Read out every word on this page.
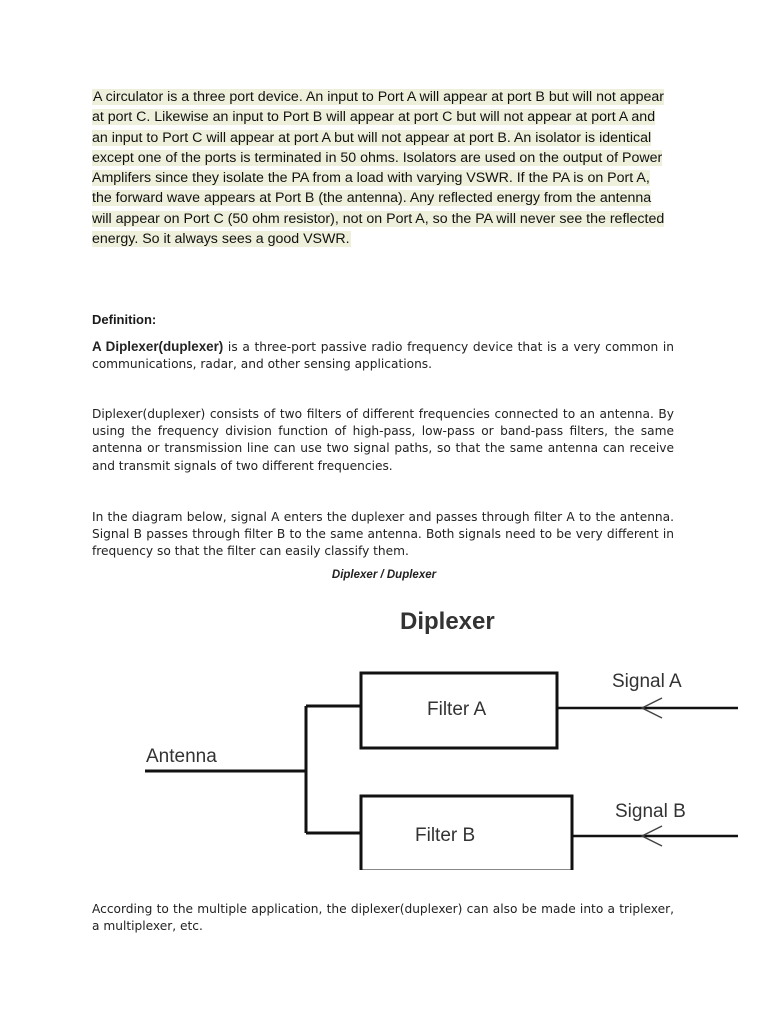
A circulator is a three port device. An input to Port A will appear at port B but will not appear at port C. Likewise an input to Port B will appear at port C but will not appear at port A and an input to Port C will appear at port A but will not appear at port B. An isolator is identical except one of the ports is terminated in 50 ohms. Isolators are used on the output of Power Amplifers since they isolate the PA from a load with varying VSWR. If the PA is on Port A, the forward wave appears at Port B (the antenna). Any reflected energy from the antenna will appear on Port C (50 ohm resistor), not on Port A, so the PA will never see the reflected energy. So it always sees a good VSWR.
Definition:
A Diplexer(duplexer) is a three-port passive radio frequency device that is a very common in communications, radar, and other sensing applications.
Diplexer(duplexer) consists of two filters of different frequencies connected to an antenna. By using the frequency division function of high-pass, low-pass or band-pass filters, the same antenna or transmission line can use two signal paths, so that the same antenna can receive and transmit signals of two different frequencies.
In the diagram below, signal A enters the duplexer and passes through filter A to the antenna. Signal B passes through filter B to the same antenna. Both signals need to be very different in frequency so that the filter can easily classify them.
Diplexer / Duplexer
Diplexer
Antenna
Filter A
Filter B
Signal A
Signal B
According to the multiple application, the diplexer(duplexer) can also be made into a triplexer, a multiplexer, etc.
